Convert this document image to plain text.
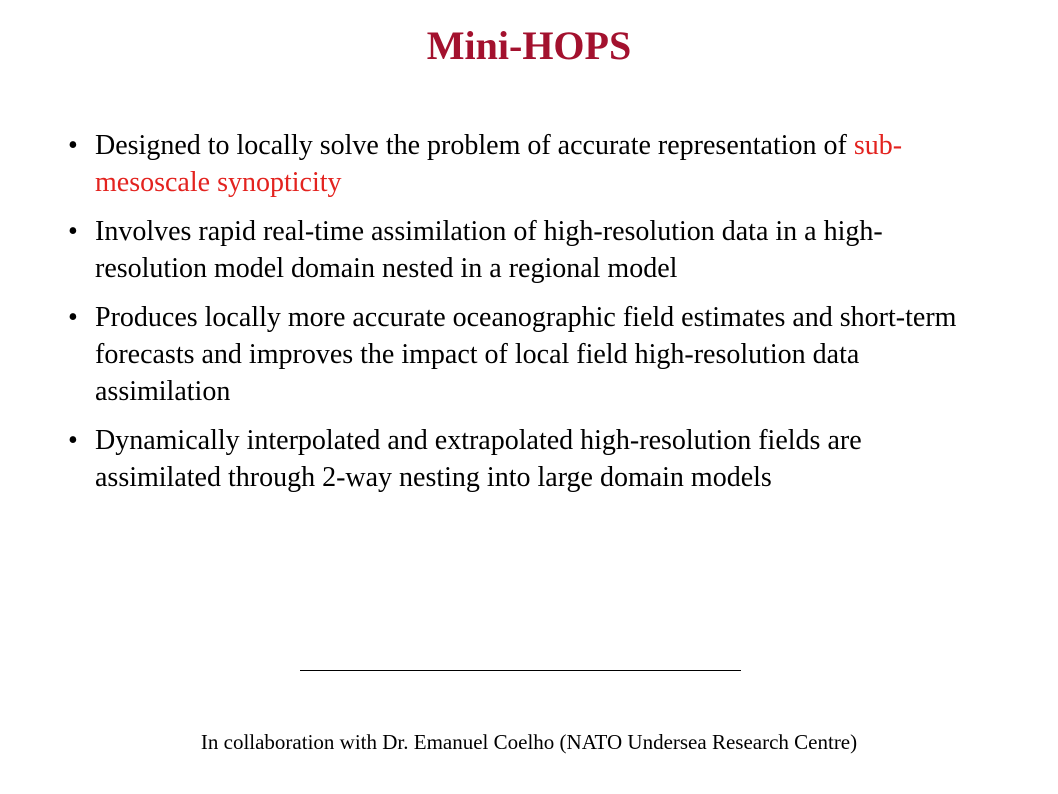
Mini-HOPS
• Designed to locally solve the problem of accurate representation of sub-mesoscale synopticity
• Involves rapid real-time assimilation of high-resolution data in a high-resolution model domain nested in a regional model
• Produces locally more accurate oceanographic field estimates and short-term forecasts and improves the impact of local field high-resolution data assimilation
• Dynamically interpolated and extrapolated high-resolution fields are assimilated through 2-way nesting into large domain models
In collaboration with Dr. Emanuel Coelho (NATO Undersea Research Centre)
